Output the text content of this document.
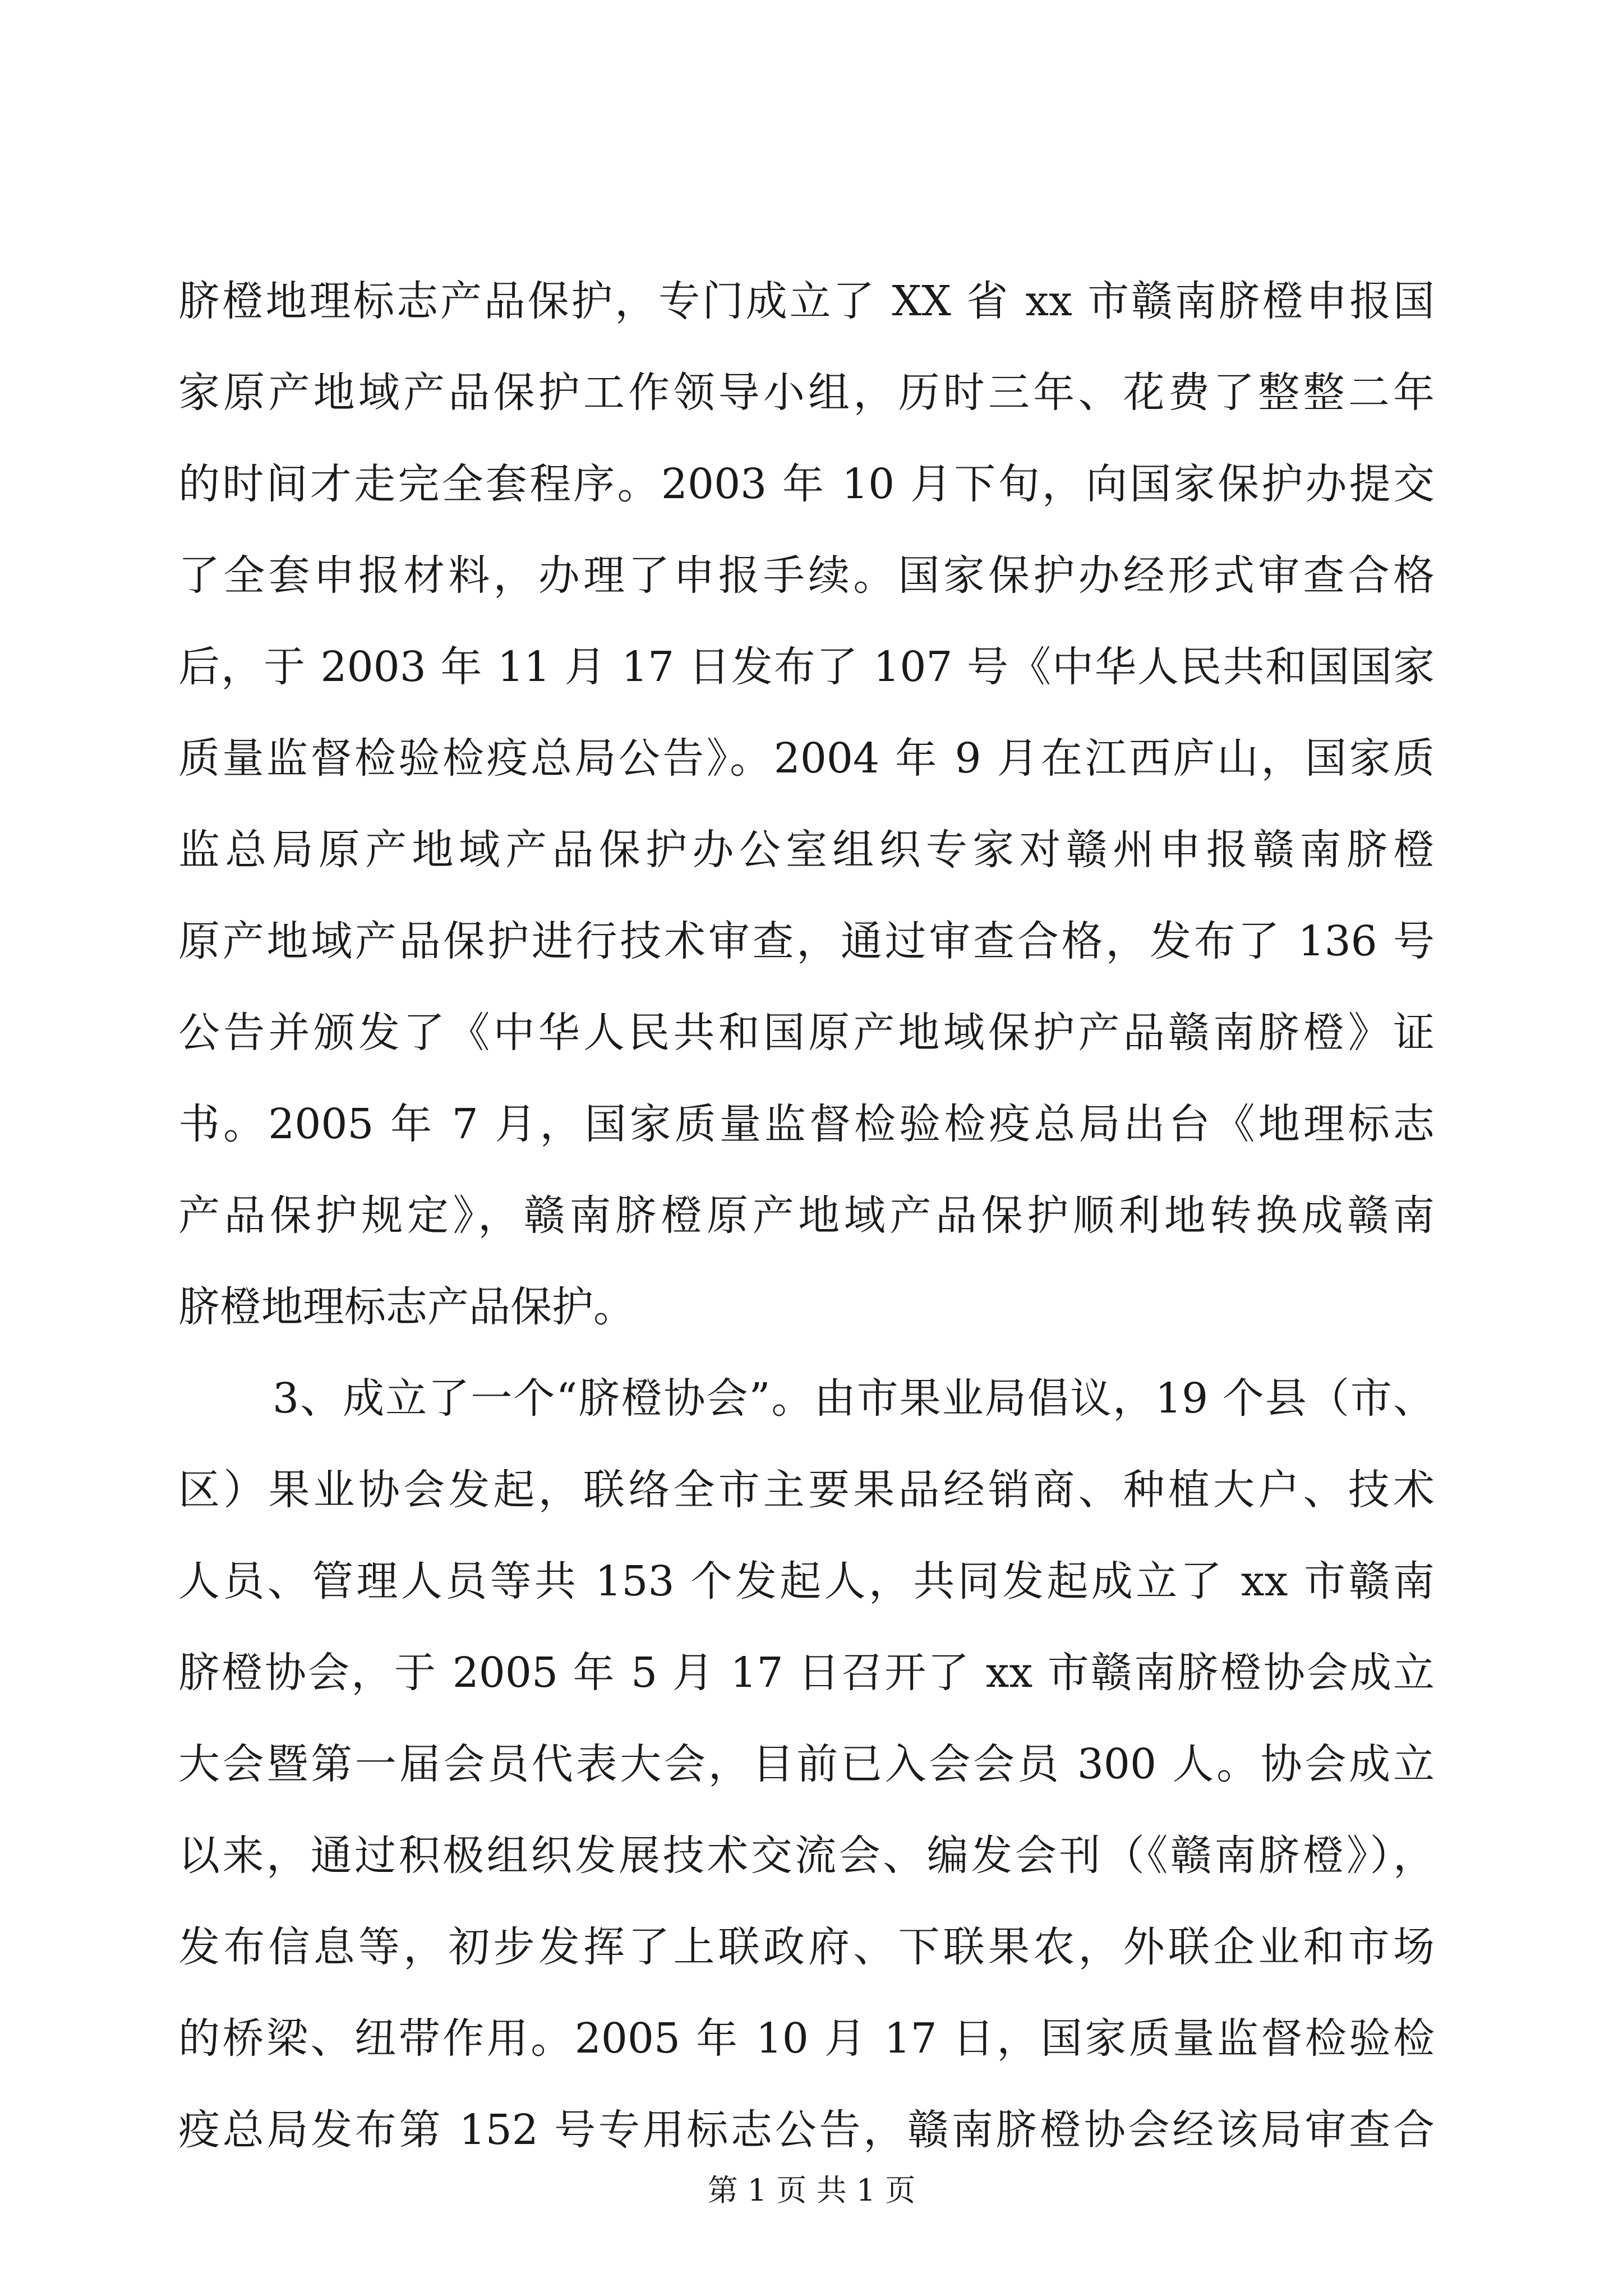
脐橙地理标志产品保护，专门成立了 XX 省 xx 市赣南脐橙申报国
家原产地域产品保护工作领导小组，历时三年、花费了整整二年
的时间才走完全套程序。2003 年 10 月下旬，向国家保护办提交
了全套申报材料，办理了申报手续。国家保护办经形式审查合格
后，于 2003 年 11 月 17 日发布了 107 号《中华人民共和国国家
质量监督检验检疫总局公告》。2004 年 9 月在江西庐山，国家质
监总局原产地域产品保护办公室组织专家对赣州申报赣南脐橙
原产地域产品保护进行技术审查，通过审查合格，发布了 136 号
公告并颁发了《中华人民共和国原产地域保护产品赣南脐橙》证
书。2005 年 7 月，国家质量监督检验检疫总局出台《地理标志
产品保护规定》，赣南脐橙原产地域产品保护顺利地转换成赣南
脐橙地理标志产品保护。
3、成立了一个“脐橙协会”。由市果业局倡议，19 个县（市、
区）果业协会发起，联络全市主要果品经销商、种植大户、技术
人员、管理人员等共 153 个发起人，共同发起成立了 xx 市赣南
脐橙协会，于 2005 年 5 月 17 日召开了 xx 市赣南脐橙协会成立
大会暨第一届会员代表大会，目前已入会会员 300 人。协会成立
以来，通过积极组织发展技术交流会、编发会刊（《赣南脐橙》），
发布信息等，初步发挥了上联政府、下联果农，外联企业和市场
的桥梁、纽带作用。2005 年 10 月 17 日，国家质量监督检验检
疫总局发布第 152 号专用标志公告，赣南脐橙协会经该局审查合
第 1 页 共 1 页
